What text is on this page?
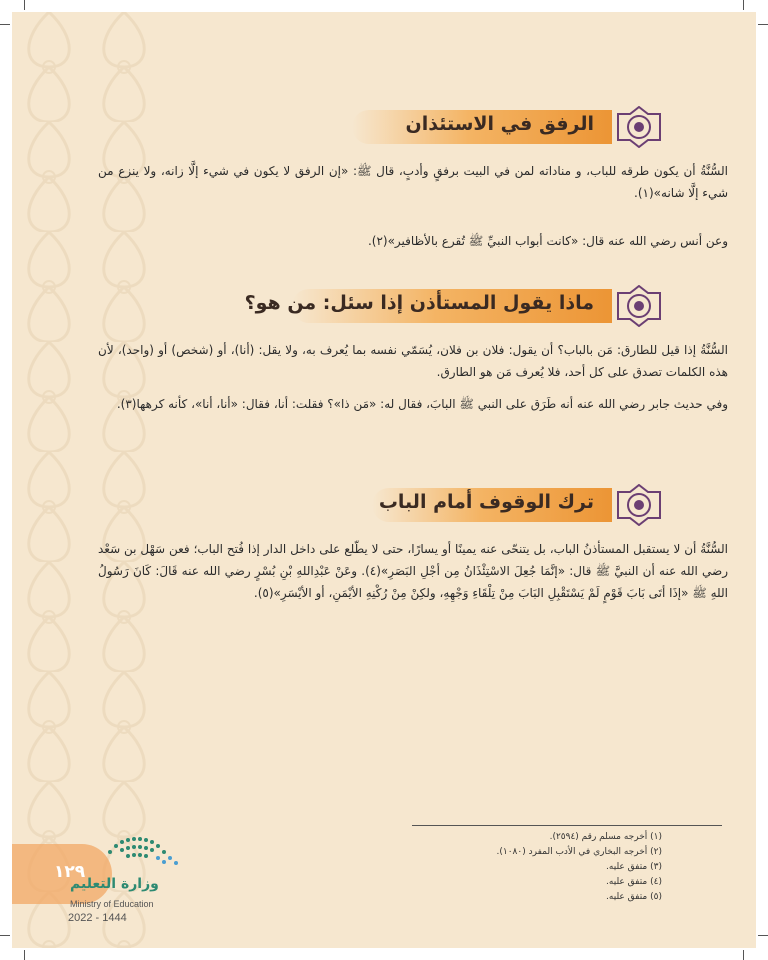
الرفق في الاستئذان
السُّنَّةُ أن يكون طرقه للباب، و مناداته لمن في البيت برفقٍ وأدبٍ، قال ﷺ: «إن الرفق لا يكون في شيء إلَّا زانه، ولا ينزع من شيء إلَّا شانه»(١).
وعن أنس رضي الله عنه قال: «كانت أبواب النبيِّ ﷺ تُقرع بالأظافير»(٢).
ماذا يقول المستأذن إذا سئل: من هو؟
السُّنَّةُ إذا قيل للطارق: مَن بالباب؟ أن يقول: فلان بن فلان، يُسَمّي نفسه بما يُعرف به، ولا يقل: (أنا)، أو (شخص) أو (واحد)، لأن هذه الكلمات تصدق على كل أحد، فلا يُعرف مَن هو الطارق.
وفي حديث جابر رضي الله عنه أنه طَرَق على النبي ﷺ البابَ، فقال له: «مَن ذا»؟ فقلت: أنا، فقال: «أنا، أنا»، كأنه كرهها(٣).
ترك الوقوف أمام الباب
السُّنَّةُ أن لا يستقبل المستأذنُ الباب، بل يتنحّى عنه يمينًا أو يسارًا، حتى لا يطّلع على داخل الدار إذا فُتح الباب؛ فعن سَهْل بن سَعْد رضي الله عنه أن النبيَّ ﷺ قال: «إنَّمَا جُعِلَ الاسْتِئْذَانُ مِن أجْلِ البَصَرِ»(٤). وعَنْ عَبْدِاللهِ بْنِ بُسْرٍ رضي الله عنه قَالَ: كَانَ رَسُولُ اللهِ ﷺ «إذَا أتَى بَابَ قَوْمٍ لَمْ يَسْتَقْبِلِ البَابَ مِنْ تِلْقَاءِ وَجْهِهِ، ولكِنْ مِنْ رُكْنِهِ الأيْمَنِ، أو الأيْسَرِ»(٥).
(١) أخرجه مسلم رقم (٢٥٩٤).
(٢) أخرجه البخاري في الأدب المفرد (١٠٨٠).
(٣) متفق عليه.
(٤) متفق عليه.
(٥) متفق عليه.
١٢٩
وزارة التعليم
Ministry of Education
2022 - 1444
